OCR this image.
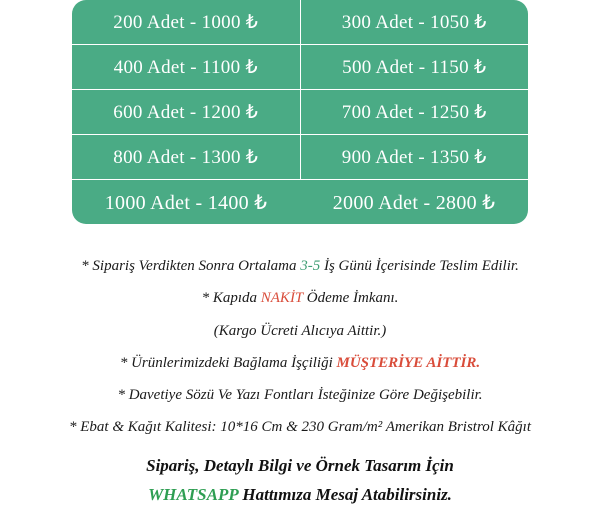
200 Adet - 1000 ₺	300 Adet - 1050 ₺
400 Adet - 1100 ₺	500 Adet - 1150 ₺
600 Adet - 1200 ₺	700 Adet - 1250 ₺
800 Adet - 1300 ₺	900 Adet - 1350 ₺
1000 Adet - 1400 ₺	2000 Adet - 2800 ₺

* Sipariş Verdikten Sonra Ortalama 3-5 İş Günü İçerisinde Teslim Edilir.

* Kapıda NAKİT Ödeme İmkanı.

(Kargo Ücreti Alıcıya Aittir.)

* Ürünlerimizdeki Bağlama İşçiliği MÜŞTERİYE AİTTİR.

* Davetiye Sözü Ve Yazı Fontları İsteğinize Göre Değişebilir.

* Ebat & Kağıt Kalitesi: 10*16 Cm & 230 Gram/m² Amerikan Bristrol Kâğıt

Sipariş, Detaylı Bilgi ve Örnek Tasarım İçin
WHATSAPP Hattımıza Mesaj Atabilirsiniz.
